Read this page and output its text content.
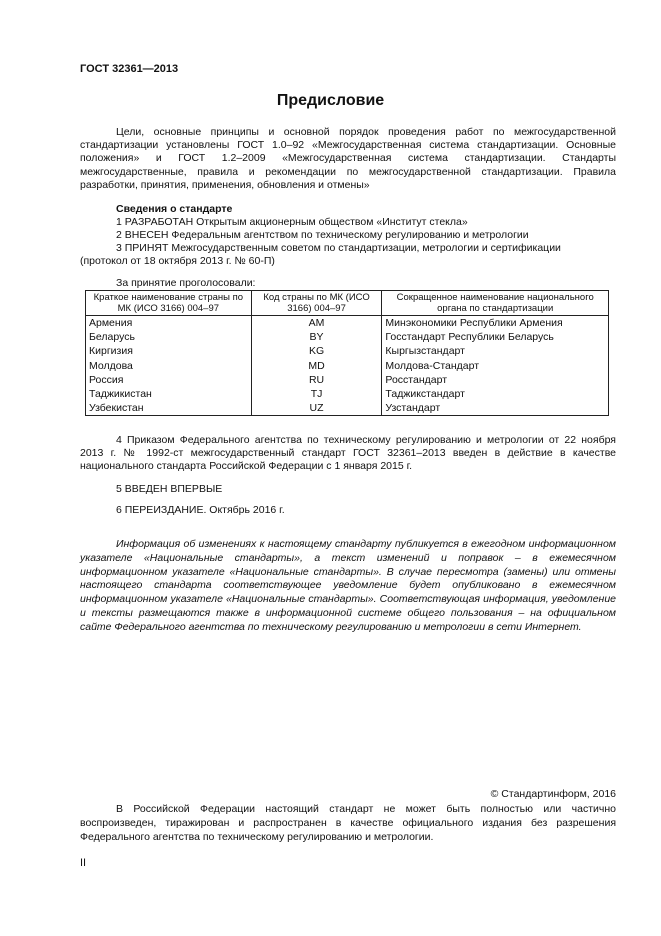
ГОСТ 32361—2013
Предисловие
Цели, основные принципы и основной порядок проведения работ по межгосударственной стандартизации установлены ГОСТ 1.0–92 «Межгосударственная система стандартизации. Основные положения» и ГОСТ 1.2–2009 «Межгосударственная система стандартизации. Стандарты межгосударственные, правила и рекомендации по межгосударственной стандартизации. Правила разработки, принятия, применения, обновления и отмены»
Сведения о стандарте
1 РАЗРАБОТАН Открытым акционерным обществом «Институт стекла»
2 ВНЕСЕН Федеральным агентством по техническому регулированию и метрологии
3 ПРИНЯТ Межгосударственным советом по стандартизации, метрологии и сертификации
(протокол от 18 октября 2013 г. № 60-П)
За принятие проголосовали:
Краткое наименование страны по МК (ИСО 3166) 004–97	Код страны по МК (ИСО 3166) 004–97	Сокращенное наименование национального органа по стандартизации
Армения	AM	Минэкономики Республики Армения
Беларусь	BY	Госстандарт Республики Беларусь
Киргизия	KG	Кыргызстандарт
Молдова	MD	Молдова-Стандарт
Россия	RU	Росстандарт
Таджикистан	TJ	Таджикстандарт
Узбекистан	UZ	Узстандарт
4 Приказом Федерального агентства по техническому регулированию и метрологии от 22 ноября 2013 г. № 1992-ст межгосударственный стандарт ГОСТ 32361–2013 введен в действие в качестве национального стандарта Российской Федерации с 1 января 2015 г.
5 ВВЕДЕН ВПЕРВЫЕ
6 ПЕРЕИЗДАНИЕ. Октябрь 2016 г.
Информация об изменениях к настоящему стандарту публикуется в ежегодном информационном указателе «Национальные стандарты», а текст изменений и поправок – в ежемесячном информационном указателе «Национальные стандарты». В случае пересмотра (замены) или отмены настоящего стандарта соответствующее уведомление будет опубликовано в ежемесячном информационном указателе «Национальные стандарты». Соответствующая информация, уведомление и тексты размещаются также в информационной системе общего пользования – на официальном сайте Федерального агентства по техническому регулированию и метрологии в сети Интернет.
© Стандартинформ, 2016
В Российской Федерации настоящий стандарт не может быть полностью или частично воспроизведен, тиражирован и распространен в качестве официального издания без разрешения Федерального агентства по техническому регулированию и метрологии.
II
